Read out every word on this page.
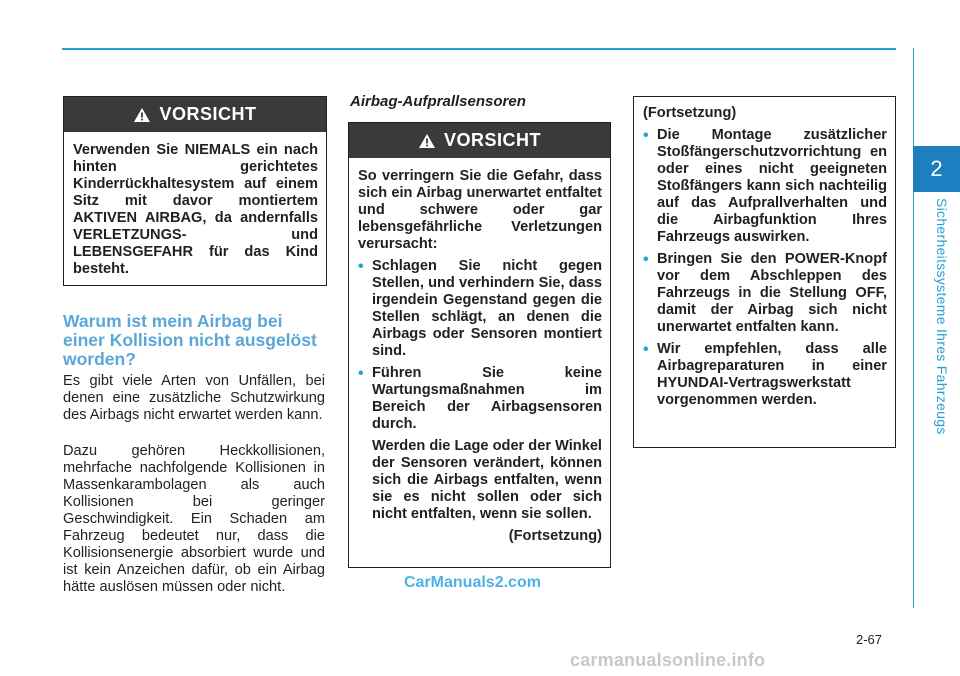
2
Sicherheitssysteme Ihres Fahrzeugs
VORSICHT
Verwenden Sie NIEMALS ein nach hinten gerichtetes Kinderrückhaltesystem auf einem Sitz mit davor montiertem AKTIVEN AIRBAG, da andernfalls VERLETZUNGS- und LEBENSGEFAHR für das Kind besteht.
Warum ist mein Airbag bei einer Kollision nicht ausgelöst worden?
Es gibt viele Arten von Unfällen, bei denen eine zusätzliche Schutzwirkung des Airbags nicht erwartet werden kann.
Dazu gehören Heckkollisionen, mehrfache nachfolgende Kollisionen in Massenkarambolagen als auch Kollisionen bei geringer Geschwindigkeit. Ein Schaden am Fahrzeug bedeutet nur, dass die Kollisionsenergie absorbiert wurde und ist kein Anzeichen dafür, ob ein Airbag hätte auslösen müssen oder nicht.
Airbag-Aufprallsensoren
VORSICHT
So verringern Sie die Gefahr, dass sich ein Airbag unerwartet entfaltet und schwere oder gar lebensgefährliche Verletzungen verursacht:
• Schlagen Sie nicht gegen Stellen, und verhindern Sie, dass irgendein Gegenstand gegen die Stellen schlägt, an denen die Airbags oder Sensoren montiert sind.
• Führen Sie keine Wartungsmaßnahmen im Bereich der Airbagsensoren durch.
Werden die Lage oder der Winkel der Sensoren verändert, können sich die Airbags entfalten, wenn sie es nicht sollen oder sich nicht entfalten, wenn sie sollen.
(Fortsetzung)
(Fortsetzung)
• Die Montage zusätzlicher Stoßfängerschutzvorrichtung en oder eines nicht geeigneten Stoßfängers kann sich nachteilig auf das Aufprallverhalten und die Airbagfunktion Ihres Fahrzeugs auswirken.
• Bringen Sie den POWER-Knopf vor dem Abschleppen des Fahrzeugs in die Stellung OFF, damit der Airbag sich nicht unerwartet entfalten kann.
• Wir empfehlen, dass alle Airbagreparaturen in einer HYUNDAI-Vertragswerkstatt vorgenommen werden.
CarManuals2.com
2-67
carmanualsonline.info
